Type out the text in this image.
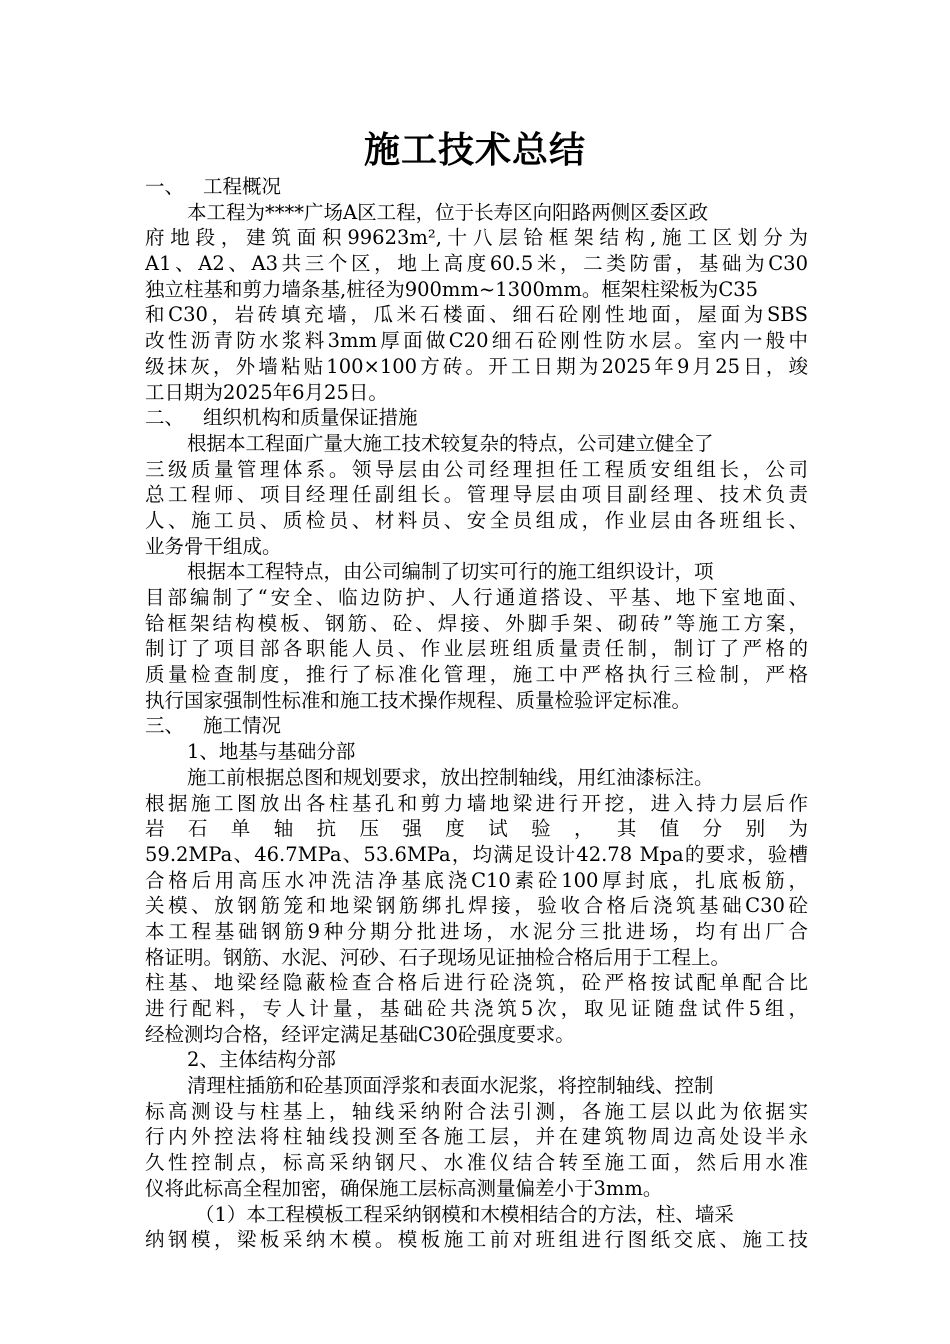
施工技术总结
一、 工程概况
本工程为****广场A区工程，位于长寿区向阳路两侧区委区政
府地段，建筑面积99623m²,十八层铪框架结构,施工区划分为
A1、A2、A3共三个区，地上高度60.5米，二类防雷，基础为C30
独立柱基和剪力墙条基,桩径为900mm~1300mm。框架柱梁板为C35
和C30，岩砖填充墙，瓜米石楼面、细石砼刚性地面，屋面为SBS
改性沥青防水浆料3mm厚面做C20细石砼刚性防水层。室内一般中
级抹灰，外墙粘贴100×100方砖。开工日期为2025年9月25日，竣
工日期为2025年6月25日。
二、 组织机构和质量保证措施
根据本工程面广量大施工技术较复杂的特点，公司建立健全了
三级质量管理体系。领导层由公司经理担任工程质安组组长，公司
总工程师、项目经理任副组长。管理导层由项目副经理、技术负责
人、施工员、质检员、材料员、安全员组成，作业层由各班组长、
业务骨干组成。
根据本工程特点，由公司编制了切实可行的施工组织设计，项
目部编制了“安全、临边防护、人行通道搭设、平基、地下室地面、
铪框架结构模板、钢筋、砼、焊接、外脚手架、砌砖”等施工方案，
制订了项目部各职能人员、作业层班组质量责任制，制订了严格的
质量检查制度，推行了标准化管理，施工中严格执行三检制，严格
执行国家强制性标准和施工技术操作规程、质量检验评定标准。
三、 施工情况
1、地基与基础分部
施工前根据总图和规划要求，放出控制轴线，用红油漆标注。
根据施工图放出各柱基孔和剪力墙地梁进行开挖，进入持力层后作
岩石单轴抗压强度试验，其值分别为
59.2MPa、46.7MPa、53.6MPa，均满足设计42.78 Mpa的要求，验槽
合格后用高压水冲洗洁净基底浇C10素砼100厚封底，扎底板筋，
关模、放钢筋笼和地梁钢筋绑扎焊接，验收合格后浇筑基础C30砼
本工程基础钢筋9种分期分批进场，水泥分三批进场，均有出厂合
格证明。钢筋、水泥、河砂、石子现场见证抽检合格后用于工程上。
柱基、地梁经隐蔽检查合格后进行砼浇筑，砼严格按试配单配合比
进行配料，专人计量，基础砼共浇筑5次，取见证随盘试件5组，
经检测均合格，经评定满足基础C30砼强度要求。
2、主体结构分部
清理柱插筋和砼基顶面浮浆和表面水泥浆，将控制轴线、控制
标高测设与柱基上，轴线采纳附合法引测，各施工层以此为依据实
行内外控法将柱轴线投测至各施工层，并在建筑物周边高处设半永
久性控制点，标高采纳钢尺、水准仪结合转至施工面，然后用水准
仪将此标高全程加密，确保施工层标高测量偏差小于3mm。
（1）本工程模板工程采纳钢模和木模相结合的方法，柱、墙采
纳钢模，梁板采纳木模。模板施工前对班组进行图纸交底、施工技
